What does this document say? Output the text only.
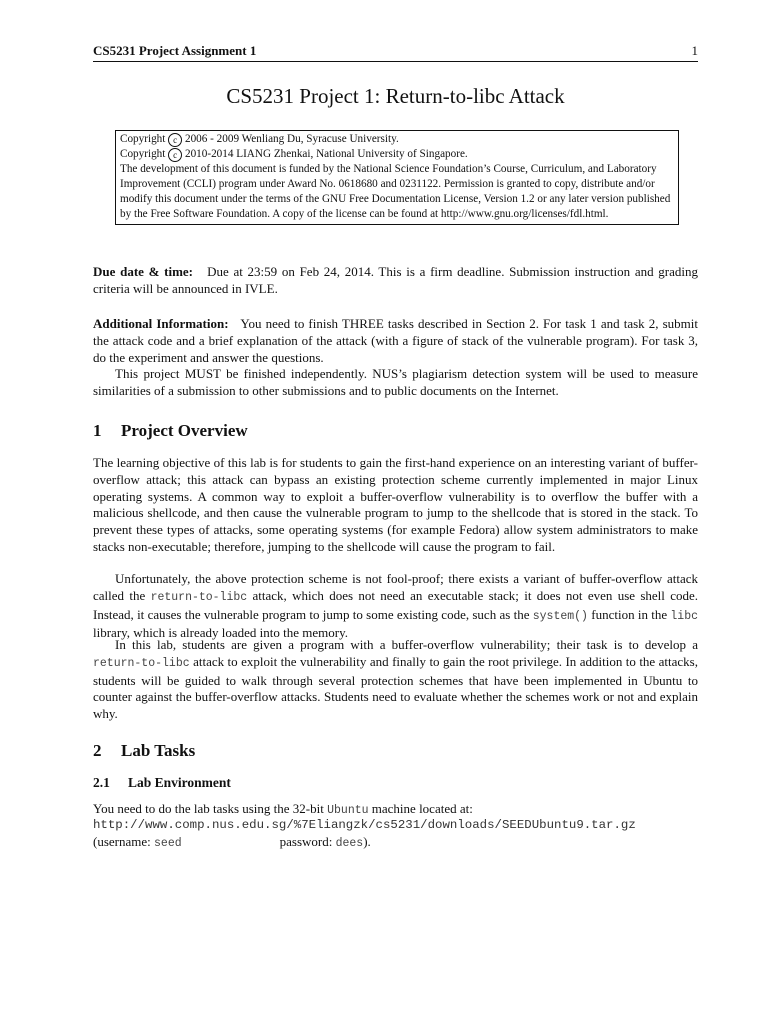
CS5231 Project Assignment 1	1
CS5231 Project 1: Return-to-libc Attack

Copyright c 2006 - 2009 Wenliang Du, Syracuse University.

Copyright c 2010-2014 LIANG Zhenkai, National University of Singapore.

The development of this document is funded by the National Science Foundation’s Course, Curriculum, and Laboratory Improvement (CCLI) program under Award No. 0618680 and 0231122. Permission is granted to copy, distribute and/or modify this document under the terms of the GNU Free Documentation License, Version 1.2 or any later version published by the Free Software Foundation. A copy of the license can be found at http://www.gnu.org/licenses/fdl.html.

Due date & time: Due at 23:59 on Feb 24, 2014. This is a firm deadline. Submission instruction and grading criteria will be announced in IVLE.

Additional Information: You need to finish THREE tasks described in Section 2. For task 1 and task 2, submit the attack code and a brief explanation of the attack (with a figure of stack of the vulnerable program). For task 3, do the experiment and answer the questions.

This project MUST be finished independently. NUS’s plagiarism detection system will be used to measure similarities of a submission to other submissions and to public documents on the Internet.

1 Project Overview

The learning objective of this lab is for students to gain the first-hand experience on an interesting variant of buffer-overflow attack; this attack can bypass an existing protection scheme currently implemented in major Linux operating systems. A common way to exploit a buffer-overflow vulnerability is to overflow the buffer with a malicious shellcode, and then cause the vulnerable program to jump to the shellcode that is stored in the stack. To prevent these types of attacks, some operating systems (for example Fedora) allow system administrators to make stacks non-executable; therefore, jumping to the shellcode will cause the program to fail.

Unfortunately, the above protection scheme is not fool-proof; there exists a variant of buffer-overflow attack called the return-to-libc attack, which does not need an executable stack; it does not even use shell code. Instead, it causes the vulnerable program to jump to some existing code, such as the system() function in the libc library, which is already loaded into the memory.

In this lab, students are given a program with a buffer-overflow vulnerability; their task is to develop a return-to-libc attack to exploit the vulnerability and finally to gain the root privilege. In addition to the attacks, students will be guided to walk through several protection schemes that have been implemented in Ubuntu to counter against the buffer-overflow attacks. Students need to evaluate whether the schemes work or not and explain why.

2 Lab Tasks
2.1 Lab Environment

You need to do the lab tasks using the 32-bit Ubuntu machine located at:

http://www.comp.nus.edu.sg/%7Eliangzk/cs5231/downloads/SEEDUbuntu9.tar.gz
(username: seed	password: dees).
